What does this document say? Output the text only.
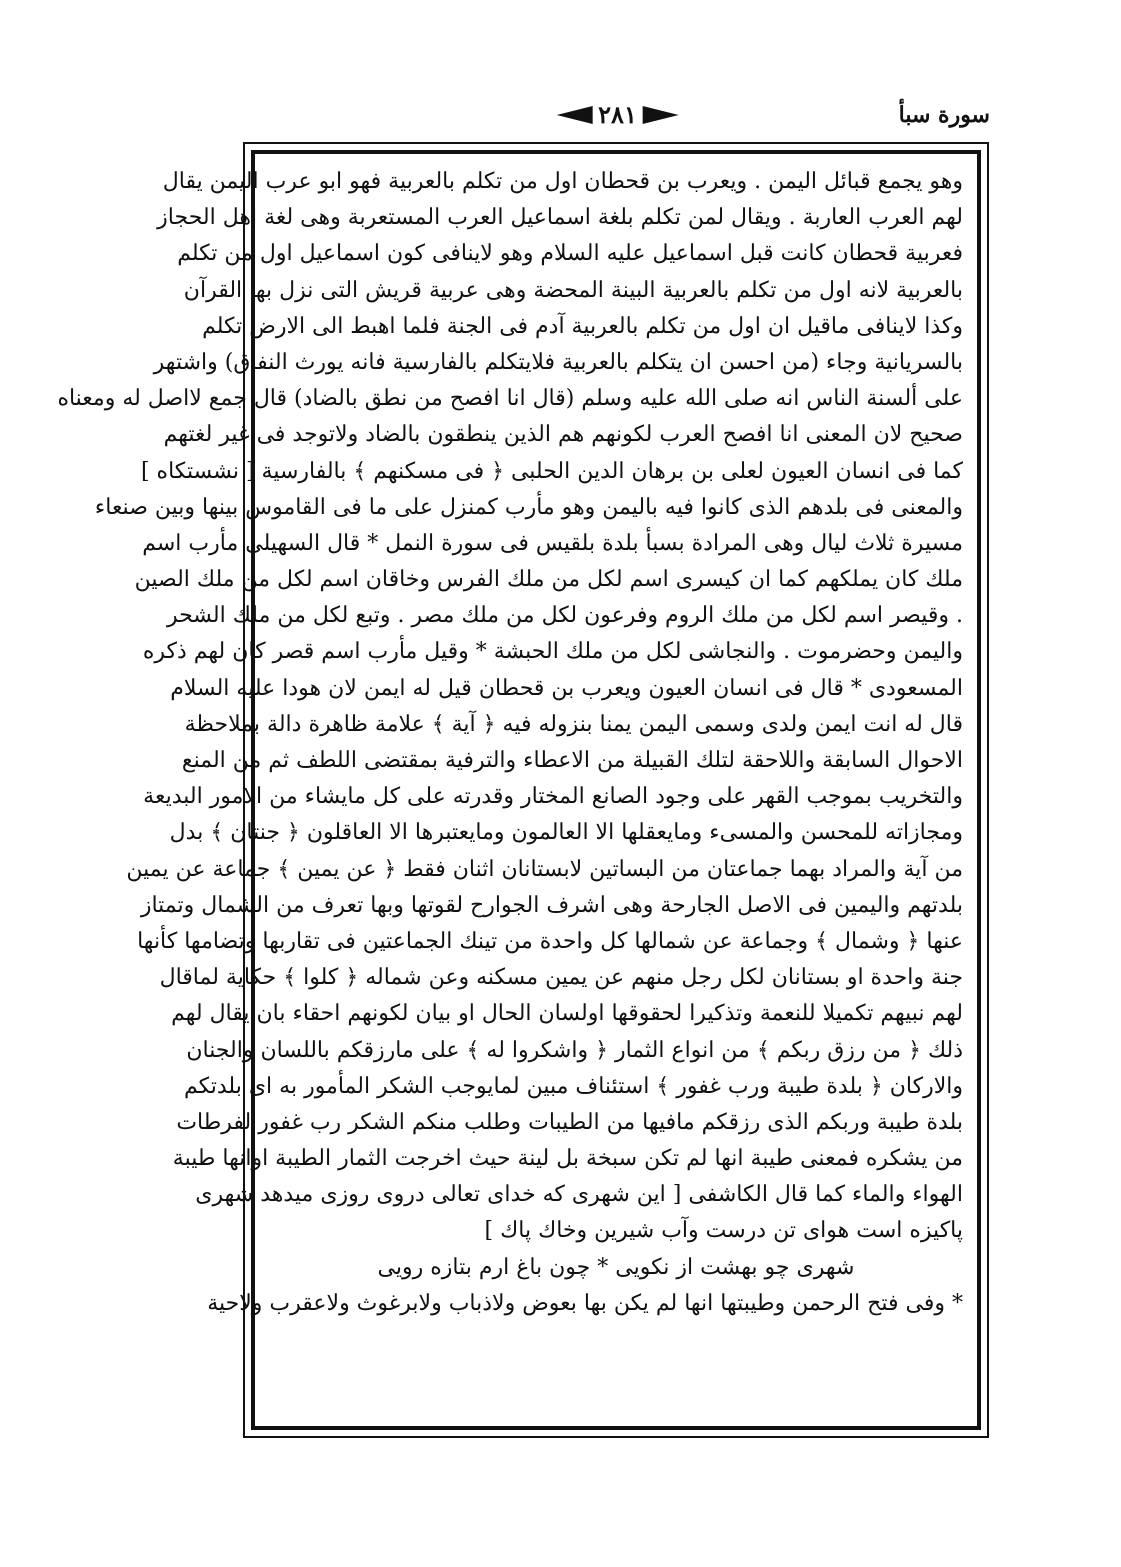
٢٨١	سورة سبأ
وهو يجمع قبائل اليمن . ويعرب بن قحطان اول من تكلم بالعربية فهو ابو عرب اليمن يقال
لهم العرب العاربة . ويقال لمن تكلم بلغة اسماعيل العرب المستعربة وهى لغة اهل الحجاز
فعربية قحطان كانت قبل اسماعيل عليه السلام وهو لاينافى كون اسماعيل اول من تكلم
بالعربية لانه اول من تكلم بالعربية البينة المحضة وهى عربية قريش التى نزل بها القرآن
وكذا لاينافى ماقيل ان اول من تكلم بالعربية آدم فى الجنة فلما اهبط الى الارض تكلم
بالسريانية وجاء (من احسن ان يتكلم بالعربية فلايتكلم بالفارسية فانه يورث النفاق) واشتهر
على ألسنة الناس انه صلى الله عليه وسلم (قال انا افصح من نطق بالضاد) قال جمع لااصل له ومعناه
صحيح لان المعنى انا افصح العرب لكونهم هم الذين ينطقون بالضاد ولاتوجد فى غير لغتهم
كما فى انسان العيون لعلى بن برهان الدين الحلبى ﴿ فى مسكنهم ﴾ بالفارسية [ نشستكاه ]
والمعنى فى بلدهم الذى كانوا فيه باليمن وهو مأرب كمنزل على ما فى القاموس بينها وبين صنعاء
مسيرة ثلاث ليال وهى المرادة بسبأ بلدة بلقيس فى سورة النمل * قال السهيلى مأرب اسم
ملك كان يملكهم كما ان كيسرى اسم لكل من ملك الفرس وخاقان اسم لكل من ملك الصين
. وقيصر اسم لكل من ملك الروم وفرعون لكل من ملك مصر . وتبع لكل من ملك الشحر
واليمن وحضرموت . والنجاشى لكل من ملك الحبشة * وقيل مأرب اسم قصر كان لهم ذكره
المسعودى * قال فى انسان العيون ويعرب بن قحطان قيل له ايمن لان هودا عليه السلام
قال له انت ايمن ولدى وسمى اليمن يمنا بنزوله فيه ﴿ آية ﴾ علامة ظاهرة دالة بملاحظة
الاحوال السابقة واللاحقة لتلك القبيلة من الاعطاء والترفية بمقتضى اللطف ثم من المنع
والتخريب بموجب القهر على وجود الصانع المختار وقدرته على كل مايشاء من الامور البديعة
ومجازاته للمحسن والمسىء ومايعقلها الا العالمون ومايعتبرها الا العاقلون ﴿ جنتان ﴾ بدل
من آية والمراد بهما جماعتان من البساتين لابستانان اثنان فقط ﴿ عن يمين ﴾ جماعة عن يمين
بلدتهم واليمين فى الاصل الجارحة وهى اشرف الجوارح لقوتها وبها تعرف من الشمال وتمتاز
عنها ﴿ وشمال ﴾ وجماعة عن شمالها كل واحدة من تينك الجماعتين فى تقاربها وتضامها كأنها
جنة واحدة او بستانان لكل رجل منهم عن يمين مسكنه وعن شماله ﴿ كلوا ﴾ حكاية لماقال
لهم نبيهم تكميلا للنعمة وتذكيرا لحقوقها اولسان الحال او بيان لكونهم احقاء بان يقال لهم
ذلك ﴿ من رزق ربكم ﴾ من انواع الثمار ﴿ واشكروا له ﴾ على مارزقكم باللسان والجنان
والاركان ﴿ بلدة طيبة ورب غفور ﴾ استئناف مبين لمايوجب الشكر المأمور به اى بلدتكم
بلدة طيبة وربكم الذى رزقكم مافيها من الطيبات وطلب منكم الشكر رب غفور لفرطات
من يشكره فمعنى طيبة انها لم تكن سبخة بل لينة حيث اخرجت الثمار الطيبة اوانها طيبة
الهواء والماء كما قال الكاشفى [ اين شهرى كه خداى تعالى دروى روزى ميدهد شهرى
پاكيزه است هواى تن درست وآب شيرين وخاك پاك ]
شهرى چو بهشت از نكويى * چون باغ ارم بتازه رويى
* وفى فتح الرحمن وطيبتها انها لم يكن بها بعوض ولاذباب ولابرغوث ولاعقرب ولاحية
